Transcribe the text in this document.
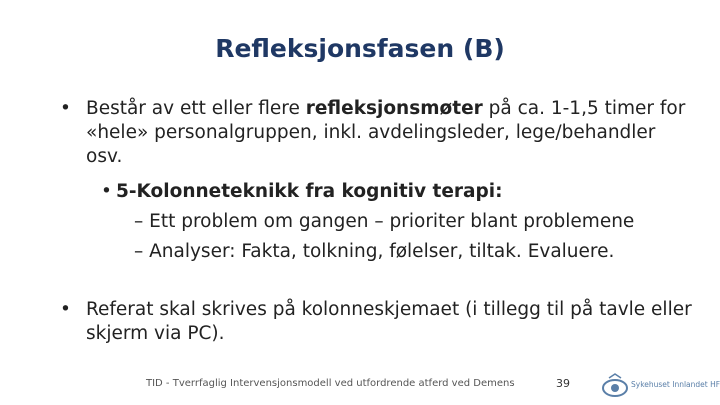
Refleksjonsfasen (B)
• Består av ett eller flere refleksjonsmøter på ca. 1-1,5 timer for «hele» personalgruppen, inkl. avdelingsleder, lege/behandler osv.
• 5-Kolonneteknikk fra kognitiv terapi:
– Ett problem om gangen – prioriter blant problemene
– Analyser: Fakta, tolkning, følelser, tiltak. Evaluere.
• Referat skal skrives på kolonneskjemaet (i tillegg til på tavle eller skjerm via PC).
TID - Tverrfaglig Intervensjonsmodell ved utfordrende atferd ved Demens	39	Sykehuset Innlandet HF
